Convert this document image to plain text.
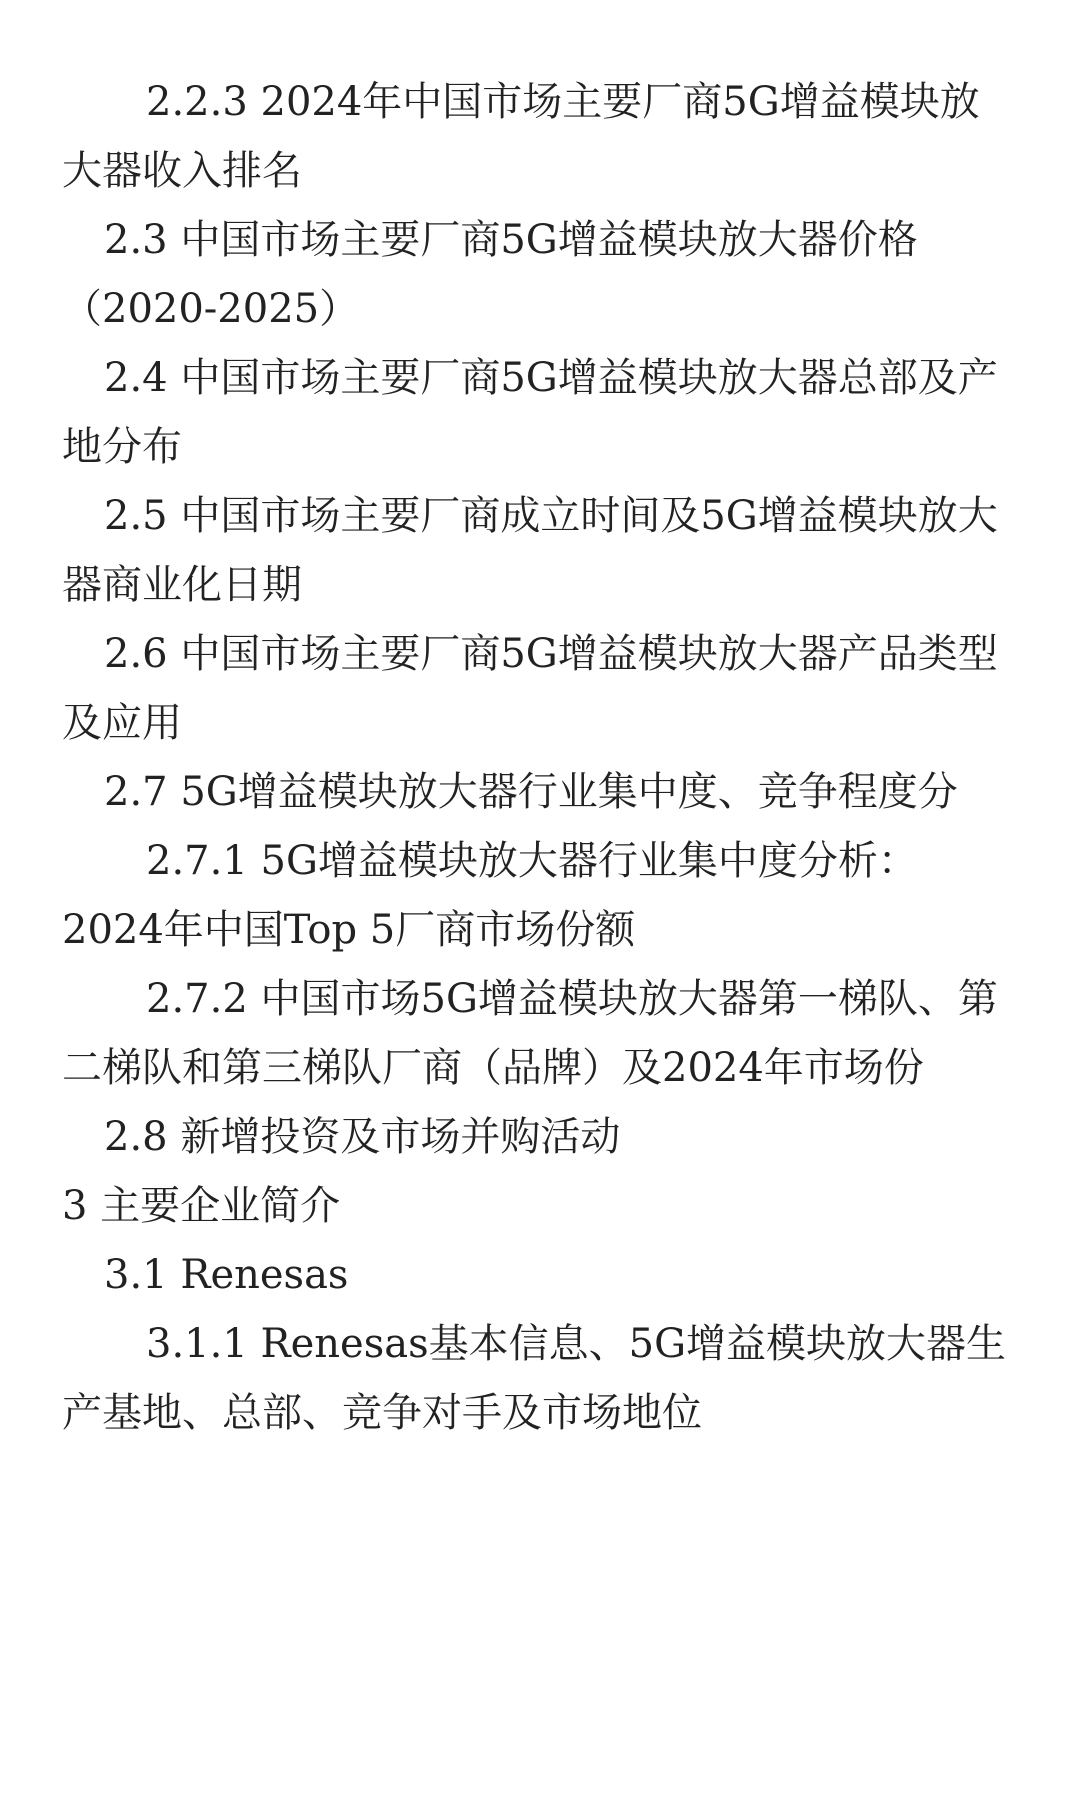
2.2.3 2024年中国市场主要厂商5G增益模块放大器收入排名

2.3 中国市场主要厂商5G增益模块放大器价格（2020-2025）

2.4 中国市场主要厂商5G增益模块放大器总部及产地分布

2.5 中国市场主要厂商成立时间及5G增益模块放大器商业化日期

2.6 中国市场主要厂商5G增益模块放大器产品类型及应用

2.7 5G增益模块放大器行业集中度、竞争程度分

2.7.1 5G增益模块放大器行业集中度分析：2024年中国Top 5厂商市场份额

2.7.2 中国市场5G增益模块放大器第一梯队、第二梯队和第三梯队厂商（品牌）及2024年市场份

2.8 新增投资及市场并购活动

3 主要企业简介

3.1 Renesas

3.1.1 Renesas基本信息、5G增益模块放大器生产基地、总部、竞争对手及市场地位
